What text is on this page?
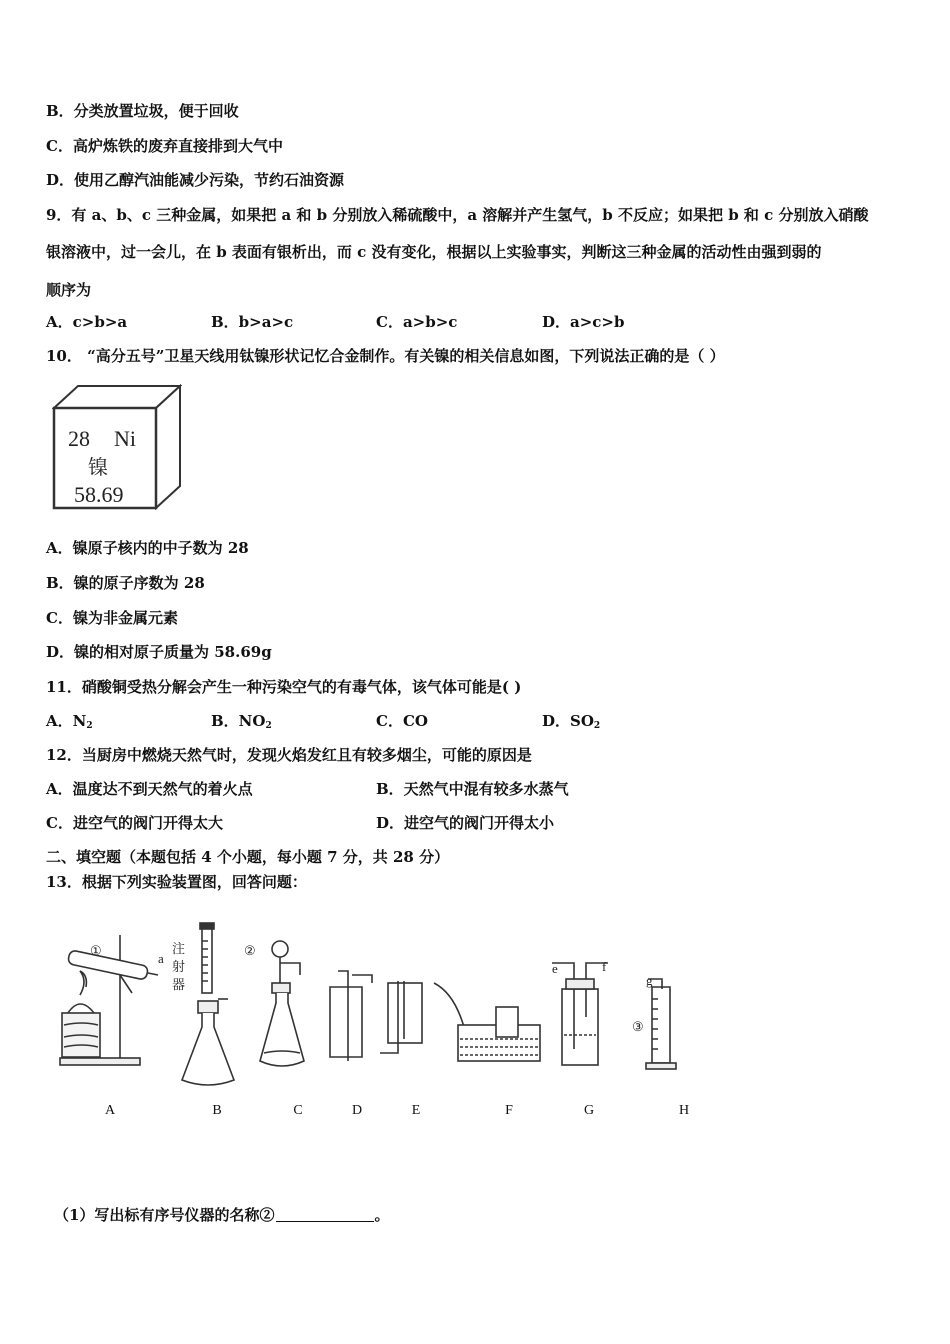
B．分类放置垃圾，便于回收
C．高炉炼铁的废弃直接排到大气中
D．使用乙醇汽油能减少污染，节约石油资源
9．有 a、b、c 三种金属，如果把 a 和 b 分别放入稀硫酸中，a 溶解并产生氢气，b 不反应；如果把 b 和 c 分别放入硝酸
银溶液中，过一会儿，在 b 表面有银析出，而 c 没有变化，根据以上实验事实，判断这三种金属的活动性由强到弱的
顺序为
A．c>b>a	B．b>a>c	C．a>b>c	D．a>c>b
10． “高分五号”卫星天线用钛镍形状记忆合金制作。有关镍的相关信息如图，下列说法正确的是（ ）
28 Ni
镍
58.69
A．镍原子核内的中子数为 28
B．镍的原子序数为 28
C．镍为非金属元素
D．镍的相对原子质量为 58.69g
11．硝酸铜受热分解会产生一种污染空气的有毒气体，该气体可能是( )
A．$N_2$	B．$NO_2$	C．CO	D．$SO_2$
12．当厨房中燃烧天然气时，发现火焰发红且有较多烟尘，可能的原因是
A．温度达不到天然气的着火点	B．天然气中混有较多水蒸气
C．进空气的阀门开得太大	D．进空气的阀门开得太小
二、填空题（本题包括 4 个小题，每小题 7 分，共 28 分）
13．根据下列实验装置图，回答问题：
①
a
注
射
器
②
e	f
g
③
A	B	C	D	E	F	G	H
（1）写出标有序号仪器的名称②	。
